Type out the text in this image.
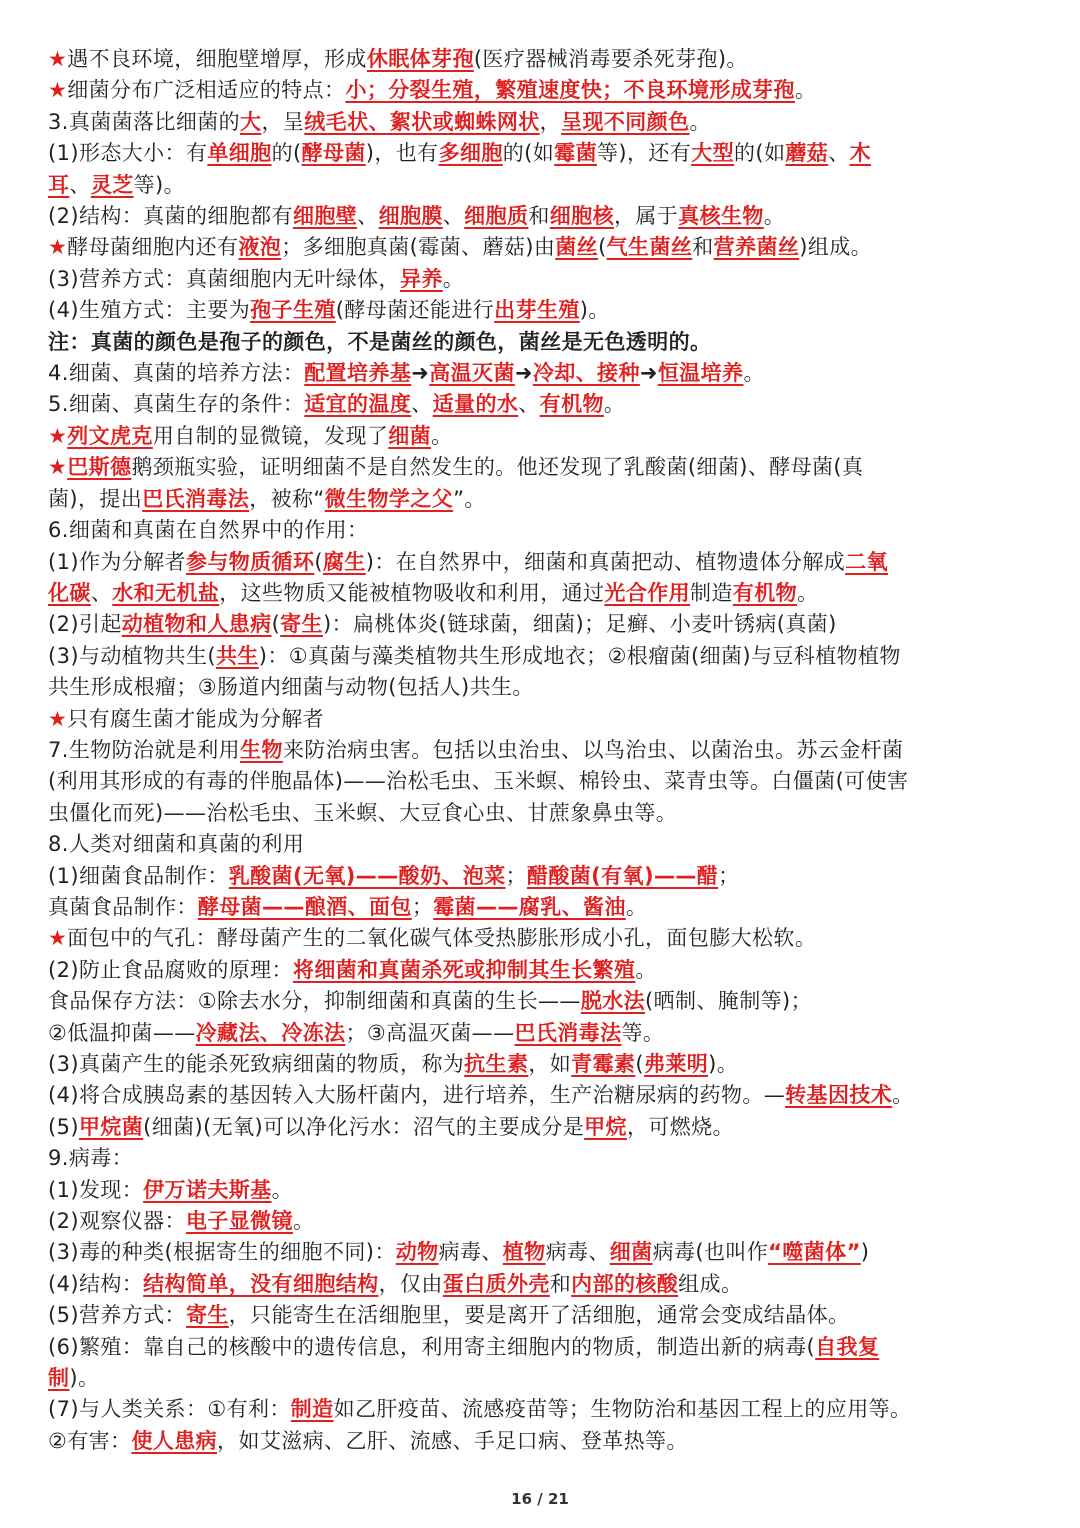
★遇不良环境，细胞壁增厚，形成休眠体芽孢(医疗器械消毒要杀死芽孢)。
★细菌分布广泛相适应的特点：小；分裂生殖，繁殖速度快；不良环境形成芽孢。
3.真菌菌落比细菌的大，呈绒毛状、絮状或蜘蛛网状，呈现不同颜色。
(1)形态大小：有单细胞的(酵母菌)，也有多细胞的(如霉菌等)，还有大型的(如蘑菇、木
耳、灵芝等)。
(2)结构：真菌的细胞都有细胞壁、细胞膜、细胞质和细胞核，属于真核生物。
★酵母菌细胞内还有液泡；多细胞真菌(霉菌、蘑菇)由菌丝(气生菌丝和营养菌丝)组成。
(3)营养方式：真菌细胞内无叶绿体，异养。
(4)生殖方式：主要为孢子生殖(酵母菌还能进行出芽生殖)。
注：真菌的颜色是孢子的颜色，不是菌丝的颜色，菌丝是无色透明的。
4.细菌、真菌的培养方法：配置培养基➜高温灭菌➜冷却、接种➜恒温培养。
5.细菌、真菌生存的条件：适宜的温度、适量的水、有机物。
★列文虎克用自制的显微镜，发现了细菌。
★巴斯德鹅颈瓶实验，证明细菌不是自然发生的。他还发现了乳酸菌(细菌)、酵母菌(真
菌)，提出巴氏消毒法，被称“微生物学之父”。
6.细菌和真菌在自然界中的作用：
(1)作为分解者参与物质循环(腐生)：在自然界中，细菌和真菌把动、植物遗体分解成二氧
化碳、水和无机盐，这些物质又能被植物吸收和利用，通过光合作用制造有机物。
(2)引起动植物和人患病(寄生)：扁桃体炎(链球菌，细菌)；足癣、小麦叶锈病(真菌)
(3)与动植物共生(共生)：①真菌与藻类植物共生形成地衣；②根瘤菌(细菌)与豆科植物植物
共生形成根瘤；③肠道内细菌与动物(包括人)共生。
★只有腐生菌才能成为分解者
7.生物防治就是利用生物来防治病虫害。包括以虫治虫、以鸟治虫、以菌治虫。苏云金杆菌
(利用其形成的有毒的伴胞晶体)——治松毛虫、玉米螟、棉铃虫、菜青虫等。白僵菌(可使害
虫僵化而死)——治松毛虫、玉米螟、大豆食心虫、甘蔗象鼻虫等。
8.人类对细菌和真菌的利用
(1)细菌食品制作：乳酸菌(无氧)——酸奶、泡菜；醋酸菌(有氧)——醋；
真菌食品制作：酵母菌——酿酒、面包；霉菌——腐乳、酱油。
★面包中的气孔：酵母菌产生的二氧化碳气体受热膨胀形成小孔，面包膨大松软。
(2)防止食品腐败的原理：将细菌和真菌杀死或抑制其生长繁殖。
食品保存方法：①除去水分，抑制细菌和真菌的生长——脱水法(晒制、腌制等)；
②低温抑菌——冷藏法、冷冻法；③高温灭菌——巴氏消毒法等。
(3)真菌产生的能杀死致病细菌的物质，称为抗生素，如青霉素(弗莱明)。
(4)将合成胰岛素的基因转入大肠杆菌内，进行培养，生产治糖尿病的药物。—转基因技术。
(5)甲烷菌(细菌)(无氧)可以净化污水：沼气的主要成分是甲烷，可燃烧。
9.病毒：
(1)发现：伊万诺夫斯基。
(2)观察仪器：电子显微镜。
(3)毒的种类(根据寄生的细胞不同)：动物病毒、植物病毒、细菌病毒(也叫作“噬菌体”)
(4)结构：结构简单，没有细胞结构，仅由蛋白质外壳和内部的核酸组成。
(5)营养方式：寄生，只能寄生在活细胞里，要是离开了活细胞，通常会变成结晶体。
(6)繁殖：靠自己的核酸中的遗传信息，利用寄主细胞内的物质，制造出新的病毒(自我复
制)。
(7)与人类关系：①有利：制造如乙肝疫苗、流感疫苗等；生物防治和基因工程上的应用等。
②有害：使人患病，如艾滋病、乙肝、流感、手足口病、登革热等。
16 / 21
